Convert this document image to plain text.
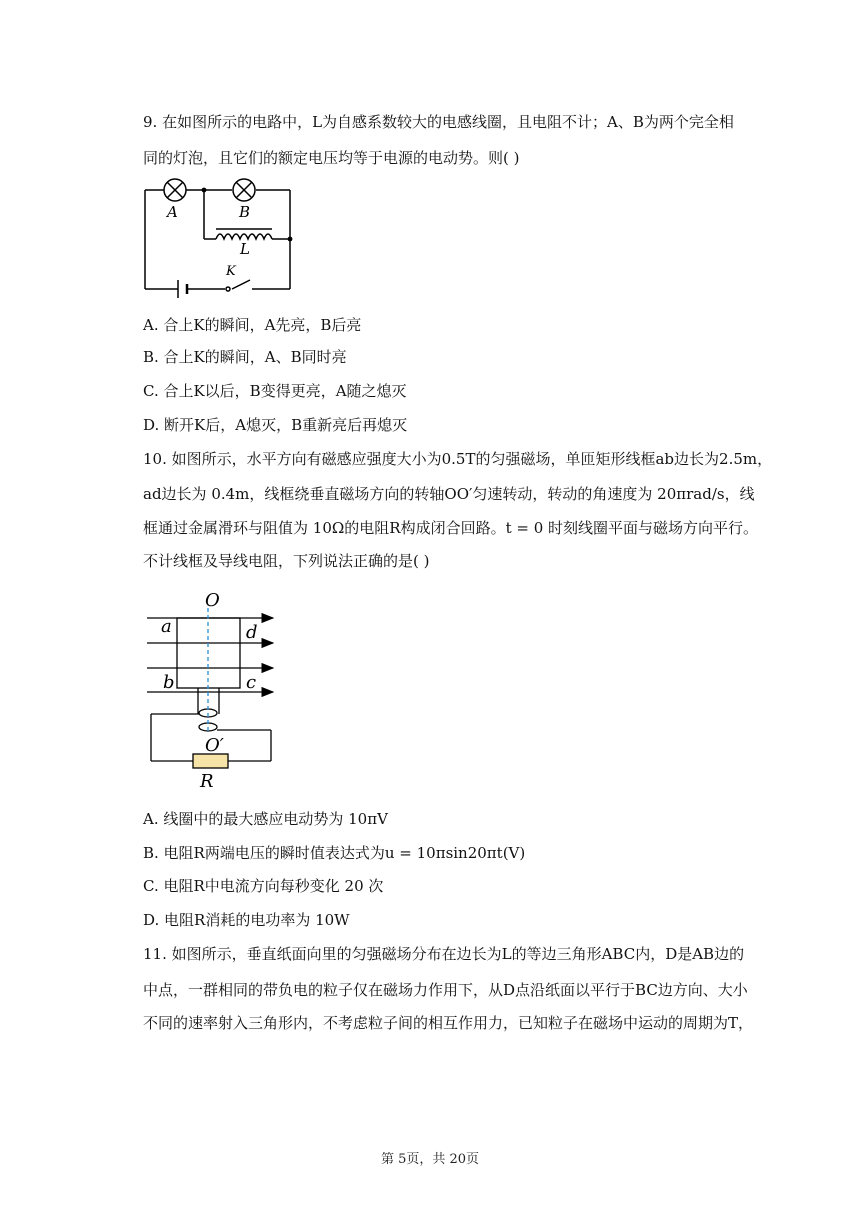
9. 在如图所示的电路中，L为自感系数较大的电感线圈，且电阻不计；A、B为两个完全相
同的灯泡，且它们的额定电压均等于电源的电动势。则( )
A	B
L
K
A. 合上K的瞬间，A先亮，B后亮
B. 合上K的瞬间，A、B同时亮
C. 合上K以后，B变得更亮，A随之熄灭
D. 断开K后，A熄灭，B重新亮后再熄灭
10. 如图所示，水平方向有磁感应强度大小为0.5T的匀强磁场，单匝矩形线框ab边长为2.5m，
ad边长为 0.4m，线框绕垂直磁场方向的转轴OO′匀速转动，转动的角速度为 20πrad/s，线
框通过金属滑环与阻值为 10Ω的电阻R构成闭合回路。t = 0 时刻线圈平面与磁场方向平行。
不计线框及导线电阻，下列说法正确的是( )
O
a	d
b	c
O′
R
A. 线圈中的最大感应电动势为 10πV
B. 电阻R两端电压的瞬时值表达式为u = 10πsin20πt(V)
C. 电阻R中电流方向每秒变化 20 次
D. 电阻R消耗的电功率为 10W
11. 如图所示，垂直纸面向里的匀强磁场分布在边长为L的等边三角形ABC内，D是AB边的
中点，一群相同的带负电的粒子仅在磁场力作用下，从D点沿纸面以平行于BC边方向、大小
不同的速率射入三角形内，不考虑粒子间的相互作用力，已知粒子在磁场中运动的周期为T，
第 5页，共 20页
